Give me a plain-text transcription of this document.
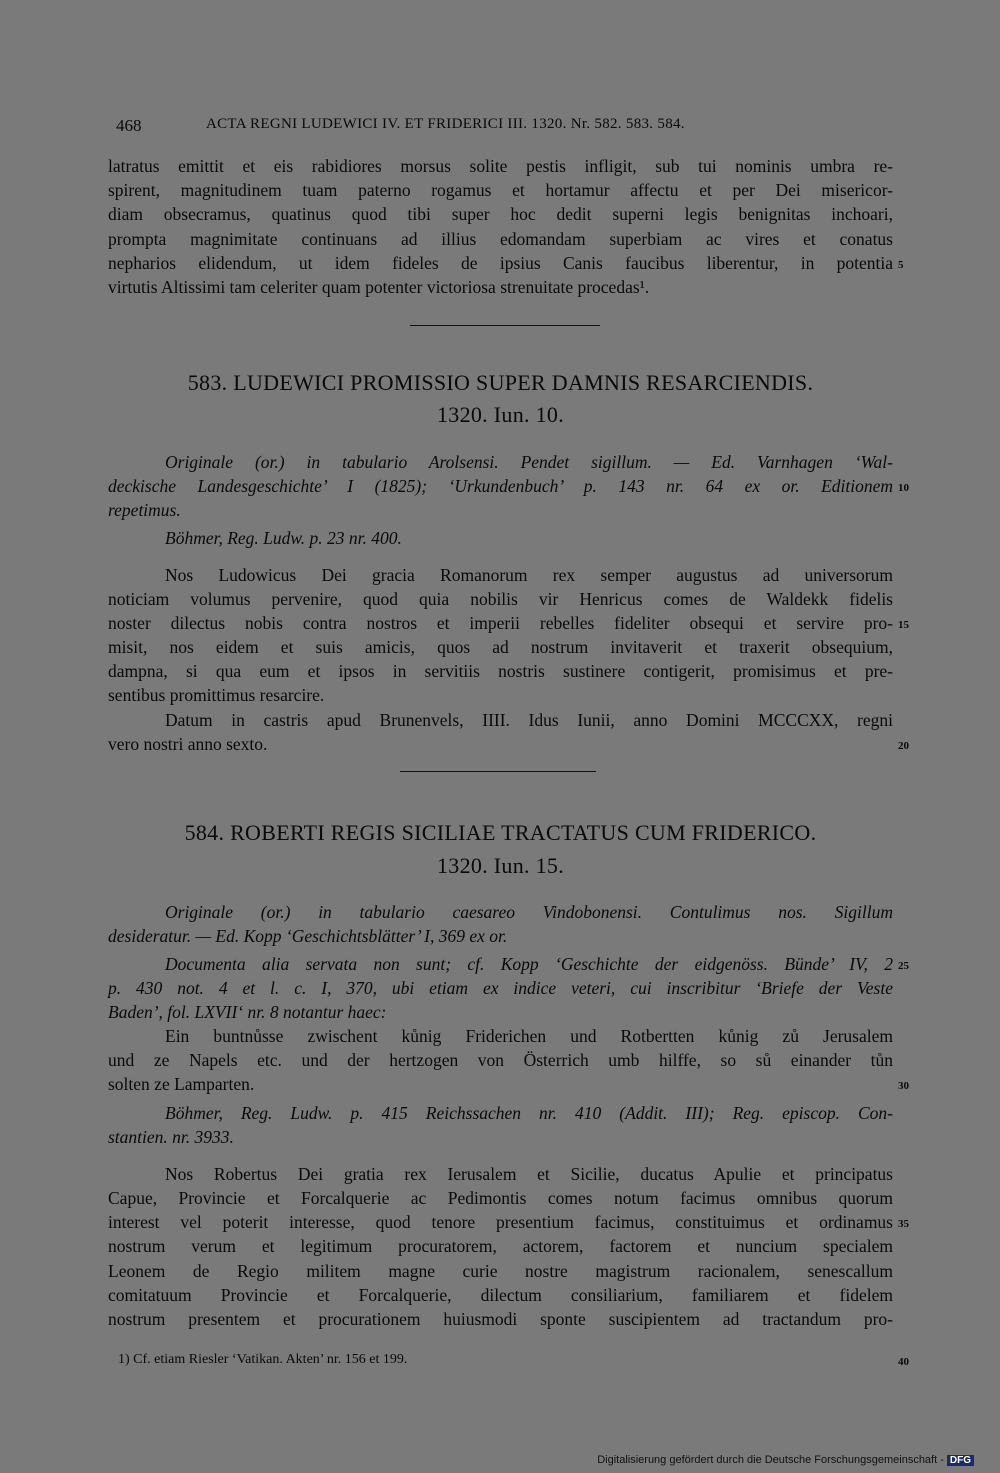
468	ACTA REGNI LUDEWICI IV. ET FRIDERICI III. 1320. Nr. 582. 583. 584.
latratus emittit et eis rabidiores morsus solite pestis infligit, sub tui nominis umbra re-
spirent, magnitudinem tuam paterno rogamus et hortamur affectu et per Dei misericor-
diam obsecramus, quatinus quod tibi super hoc dedit superni legis benignitas inchoari,
prompta magnimitate continuans ad illius edomandam superbiam ac vires et conatus
nepharios elidendum, ut idem fideles de ipsius Canis faucibus liberentur, in potentia
virtutis Altissimi tam celeriter quam potenter victoriosa strenuitate procedas¹.
5
583. LUDEWICI PROMISSIO SUPER DAMNIS RESARCIENDIS.
1320. Iun. 10.
Originale (or.) in tabulario Arolsensi. Pendet sigillum. — Ed. Varnhagen ‘Wal-
deckische Landesgeschichte’ I (1825); ‘Urkundenbuch’ p. 143 nr. 64 ex or. Editionem
repetimus.
10
Böhmer, Reg. Ludw. p. 23 nr. 400.
Nos Ludowicus Dei gracia Romanorum rex semper augustus ad universorum
noticiam volumus pervenire, quod quia nobilis vir Henricus comes de Waldekk fidelis
noster dilectus nobis contra nostros et imperii rebelles fideliter obsequi et servire pro- 15
misit, nos eidem et suis amicis, quos ad nostrum invitaverit et traxerit obsequium,
dampna, si qua eum et ipsos in servitiis nostris sustinere contigerit, promisimus et pre-
sentibus promittimus resarcire.
Datum in castris apud Brunenvels, IIII. Idus Iunii, anno Domini MCCCXX, regni
vero nostri anno sexto.	20
584. ROBERTI REGIS SICILIAE TRACTATUS CUM FRIDERICO.
1320. Iun. 15.
Originale (or.) in tabulario caesareo Vindobonensi. Contulimus nos. Sigillum
desideratur. — Ed. Kopp ‘Geschichtsblätter’ I, 369 ex or.
Documenta alia servata non sunt; cf. Kopp ‘Geschichte der eidgenöss. Bünde’ IV, 2 25
p. 430 not. 4 et l. c. I, 370, ubi etiam ex indice veteri, cui inscribitur ‘Briefe der Veste
Baden’, fol. LXVII‘ nr. 8 notantur haec:
Ein buntnůsse zwischent kůnig Friderichen und Rotbertten kůnig zů Jerusalem
und ze Napels etc. und der hertzogen von Österrich umb hilffe, so sů einander tůn
solten ze Lamparten.	30
Böhmer, Reg. Ludw. p. 415 Reichssachen nr. 410 (Addit. III); Reg. episcop. Con-
stantien. nr. 3933.
Nos Robertus Dei gratia rex Ierusalem et Sicilie, ducatus Apulie et principatus
Capue, Provincie et Forcalquerie ac Pedimontis comes notum facimus omnibus quorum
interest vel poterit interesse, quod tenore presentium facimus, constituimus et ordinamus 35
nostrum verum et legitimum procuratorem, actorem, factorem et nuncium specialem
Leonem de Regio militem magne curie nostre magistrum racionalem, senescallum
comitatuum Provincie et Forcalquerie, dilectum consiliarium, familiarem et fidelem
nostrum presentem et procurationem huiusmodi sponte suscipientem ad tractandum pro-
1) Cf. etiam Riesler ‘Vatikan. Akten’ nr. 156 et 199.	40
Digitalisierung gefördert durch die Deutsche Forschungsgemeinschaft - DFG
